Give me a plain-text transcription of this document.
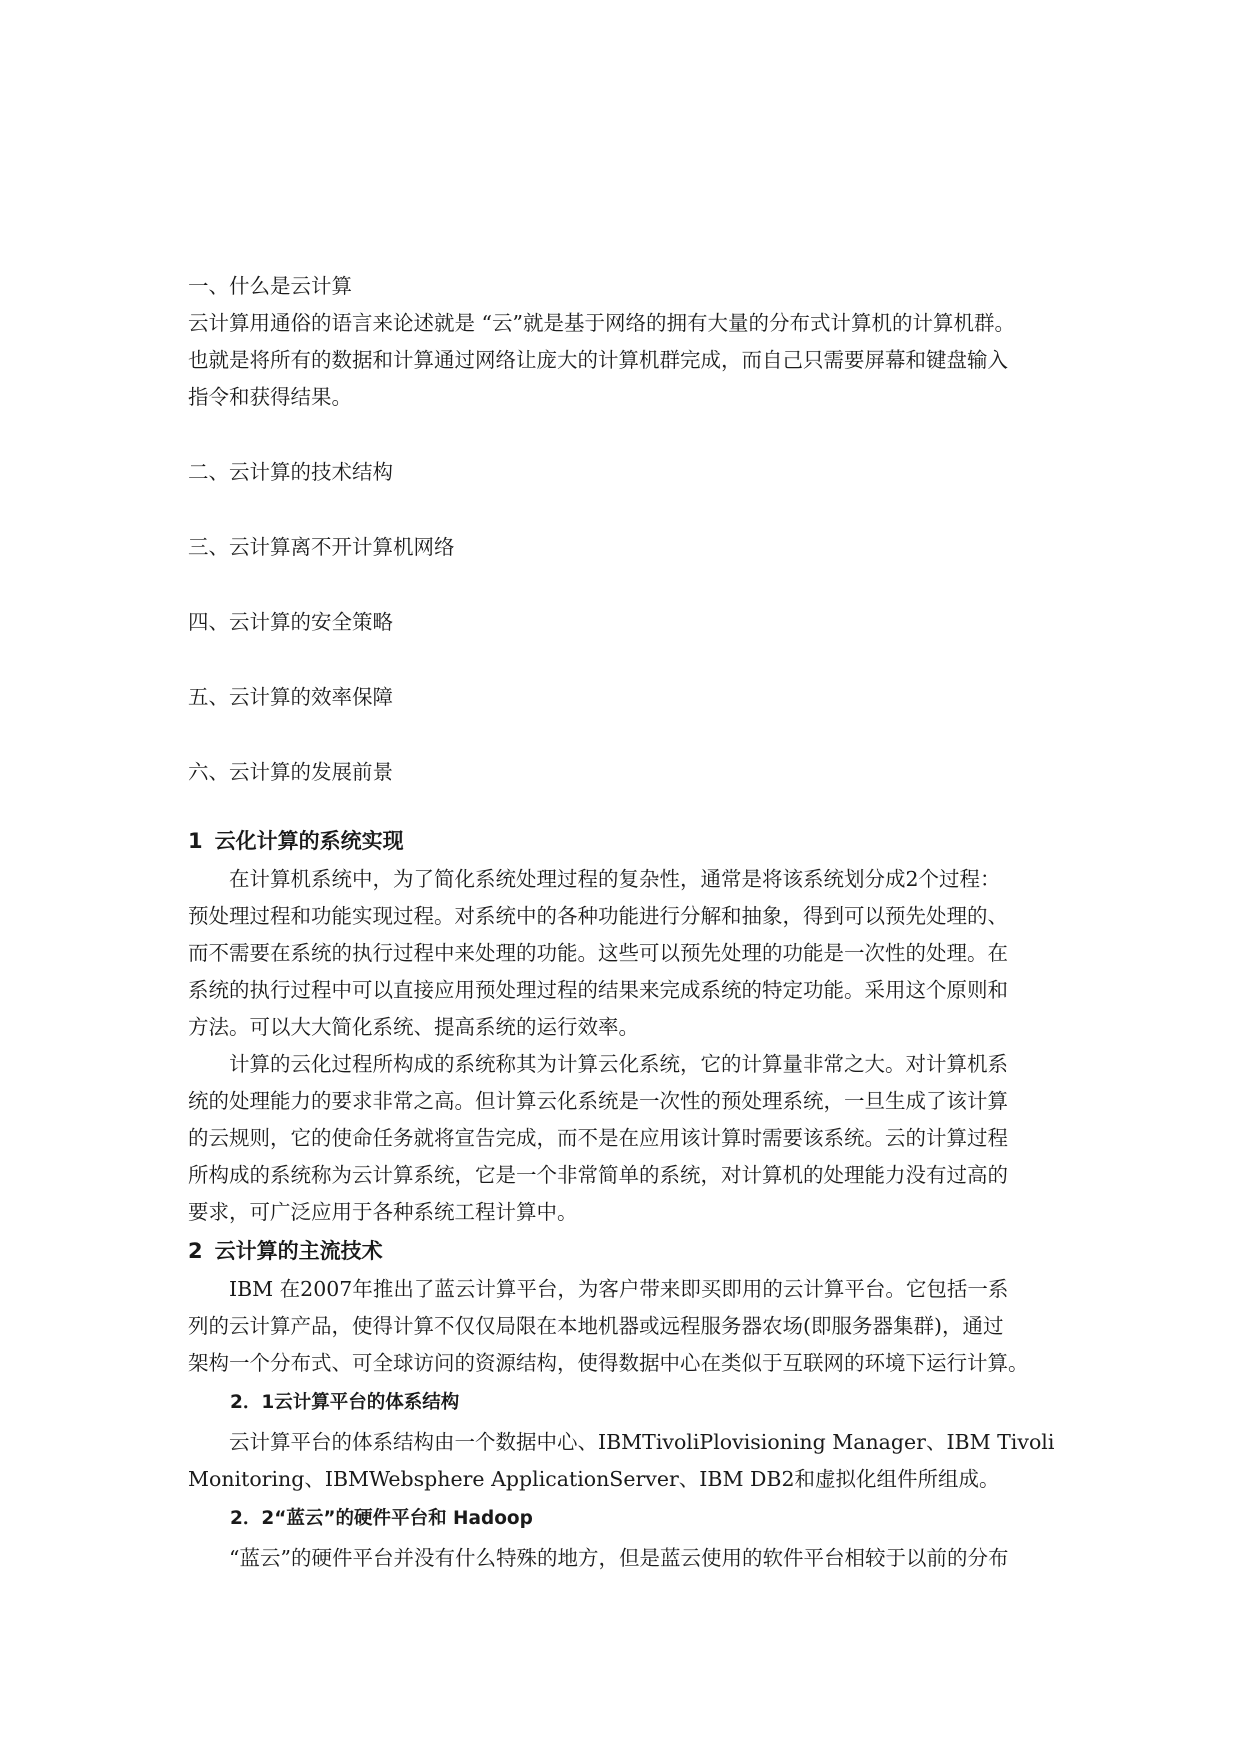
一、什么是云计算

云计算用通俗的语言来论述就是 “云”就是基于网络的拥有大量的分布式计算机的计算机群。

也就是将所有的数据和计算通过网络让庞大的计算机群完成，而自己只需要屏幕和键盘输入

指令和获得结果。

二、云计算的技术结构

三、云计算离不开计算机网络

四、云计算的安全策略

五、云计算的效率保障

六、云计算的发展前景

1 云化计算的系统实现

在计算机系统中，为了简化系统处理过程的复杂性，通常是将该系统划分成2个过程：

预处理过程和功能实现过程。对系统中的各种功能进行分解和抽象，得到可以预先处理的、

而不需要在系统的执行过程中来处理的功能。这些可以预先处理的功能是一次性的处理。在

系统的执行过程中可以直接应用预处理过程的结果来完成系统的特定功能。采用这个原则和

方法。可以大大简化系统、提高系统的运行效率。

计算的云化过程所构成的系统称其为计算云化系统，它的计算量非常之大。对计算机系

统的处理能力的要求非常之高。但计算云化系统是一次性的预处理系统，一旦生成了该计算

的云规则，它的使命任务就将宣告完成，而不是在应用该计算时需要该系统。云的计算过程

所构成的系统称为云计算系统，它是一个非常简单的系统，对计算机的处理能力没有过高的

要求，可广泛应用于各种系统工程计算中。

2 云计算的主流技术

IBM 在2007年推出了蓝云计算平台，为客户带来即买即用的云计算平台。它包括一系

列的云计算产品，使得计算不仅仅局限在本地机器或远程服务器农场(即服务器集群)，通过

架构一个分布式、可全球访问的资源结构，使得数据中心在类似于互联网的环境下运行计算。

2．1云计算平台的体系结构

云计算平台的体系结构由一个数据中心、IBMTivoliPlovisioning Manager、IBM Tivoli

Monitoring、IBMWebsphere ApplicationServer、IBM DB2和虚拟化组件所组成。

2．2“蓝云”的硬件平台和 Hadoop

“蓝云”的硬件平台并没有什么特殊的地方，但是蓝云使用的软件平台相较于以前的分布
